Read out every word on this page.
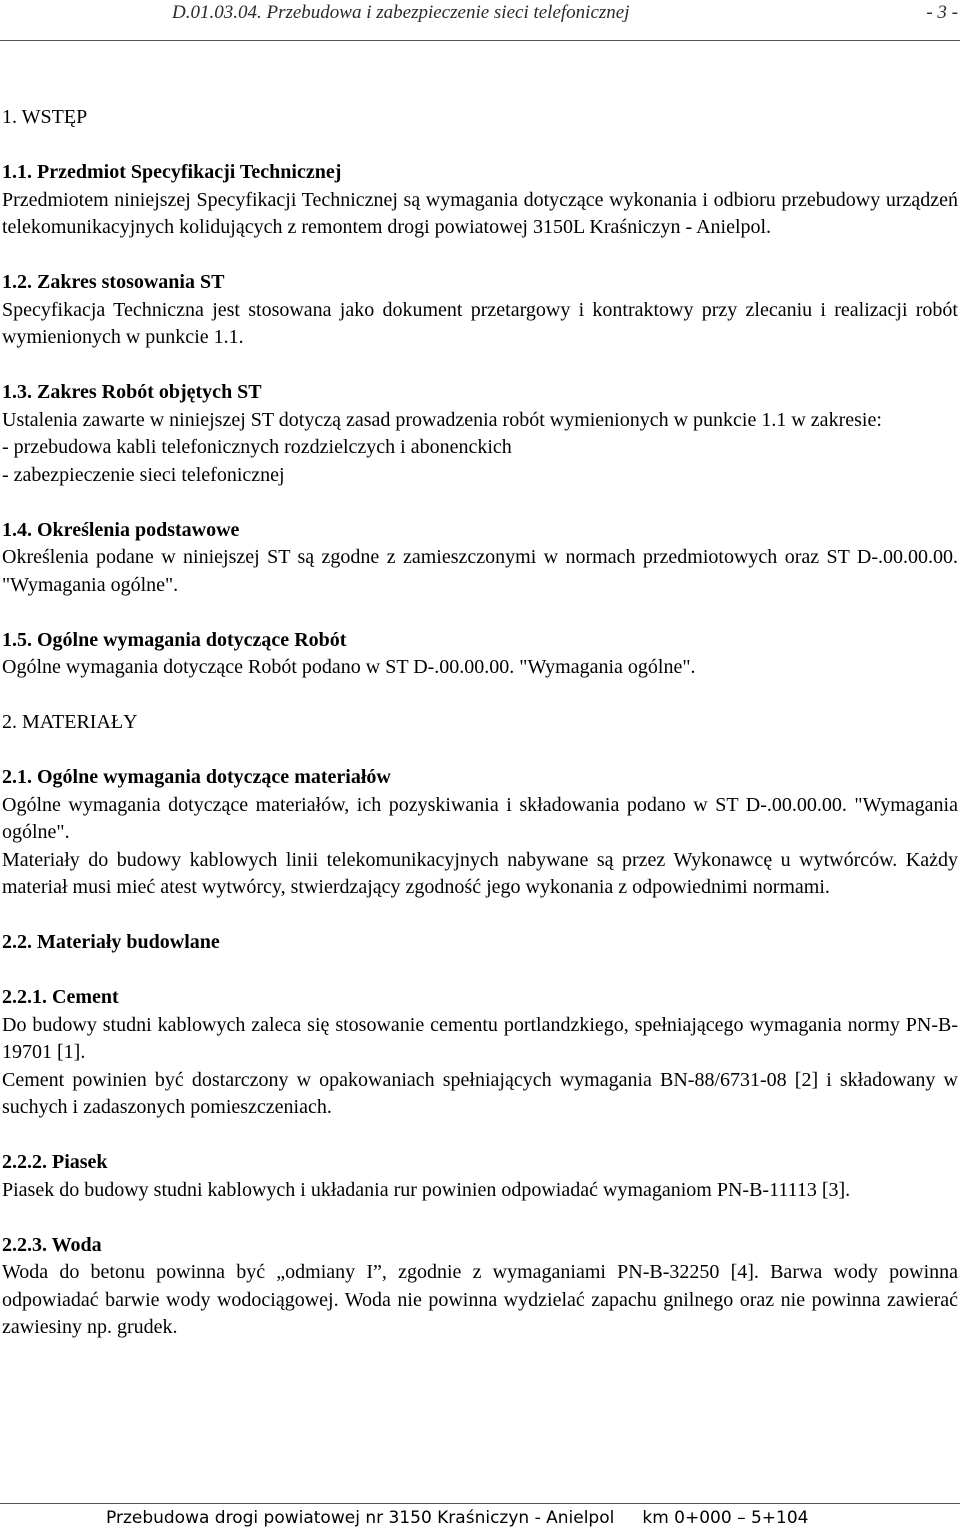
D.01.03.04. Przebudowa i zabezpieczenie sieci telefonicznej	- 3 -

1. WSTĘP

1.1. Przedmiot Specyfikacji Technicznej

Przedmiotem niniejszej Specyfikacji Technicznej są wymagania dotyczące wykonania i odbioru przebudowy urządzeń telekomunikacyjnych kolidujących z remontem drogi powiatowej 3150L Kraśniczyn - Anielpol.

1.2. Zakres stosowania ST

Specyfikacja Techniczna jest stosowana jako dokument przetargowy i kontraktowy przy zlecaniu i realizacji robót wymienionych w punkcie 1.1.

1.3. Zakres Robót objętych ST

Ustalenia zawarte w niniejszej ST dotyczą zasad prowadzenia robót wymienionych w punkcie 1.1 w zakresie:

- przebudowa kabli telefonicznych rozdzielczych i abonenckich

- zabezpieczenie sieci telefonicznej

1.4. Określenia podstawowe

Określenia podane w niniejszej ST są zgodne z zamieszczonymi w normach przedmiotowych oraz ST D-.00.00.00. "Wymagania ogólne".

1.5. Ogólne wymagania dotyczące Robót

Ogólne wymagania dotyczące Robót podano w ST D-.00.00.00. "Wymagania ogólne".

2. MATERIAŁY

2.1. Ogólne wymagania dotyczące materiałów

Ogólne wymagania dotyczące materiałów, ich pozyskiwania i składowania podano w ST D-.00.00.00. "Wymagania ogólne".

Materiały do budowy kablowych linii telekomunikacyjnych nabywane są przez Wykonawcę u wytwórców. Każdy materiał musi mieć atest wytwórcy, stwierdzający zgodność jego wykonania z odpowiednimi normami.

2.2. Materiały budowlane

2.2.1. Cement

Do budowy studni kablowych zaleca się stosowanie cementu portlandzkiego, spełniającego wymagania normy PN-B-19701 [1].

Cement powinien być dostarczony w opakowaniach spełniających wymagania BN-88/6731-08 [2] i składowany w suchych i zadaszonych pomieszczeniach.

2.2.2. Piasek

Piasek do budowy studni kablowych i układania rur powinien odpowiadać wymaganiom PN-B-11113 [3].

2.2.3. Woda

Woda do betonu powinna być „odmiany I”, zgodnie z wymaganiami PN-B-32250 [4]. Barwa wody powinna odpowiadać barwie wody wodociągowej. Woda nie powinna wydzielać zapachu gnilnego oraz nie powinna zawierać zawiesiny np. grudek.

Przebudowa drogi powiatowej nr 3150 Kraśniczyn - Anielpol km 0+000 – 5+104
